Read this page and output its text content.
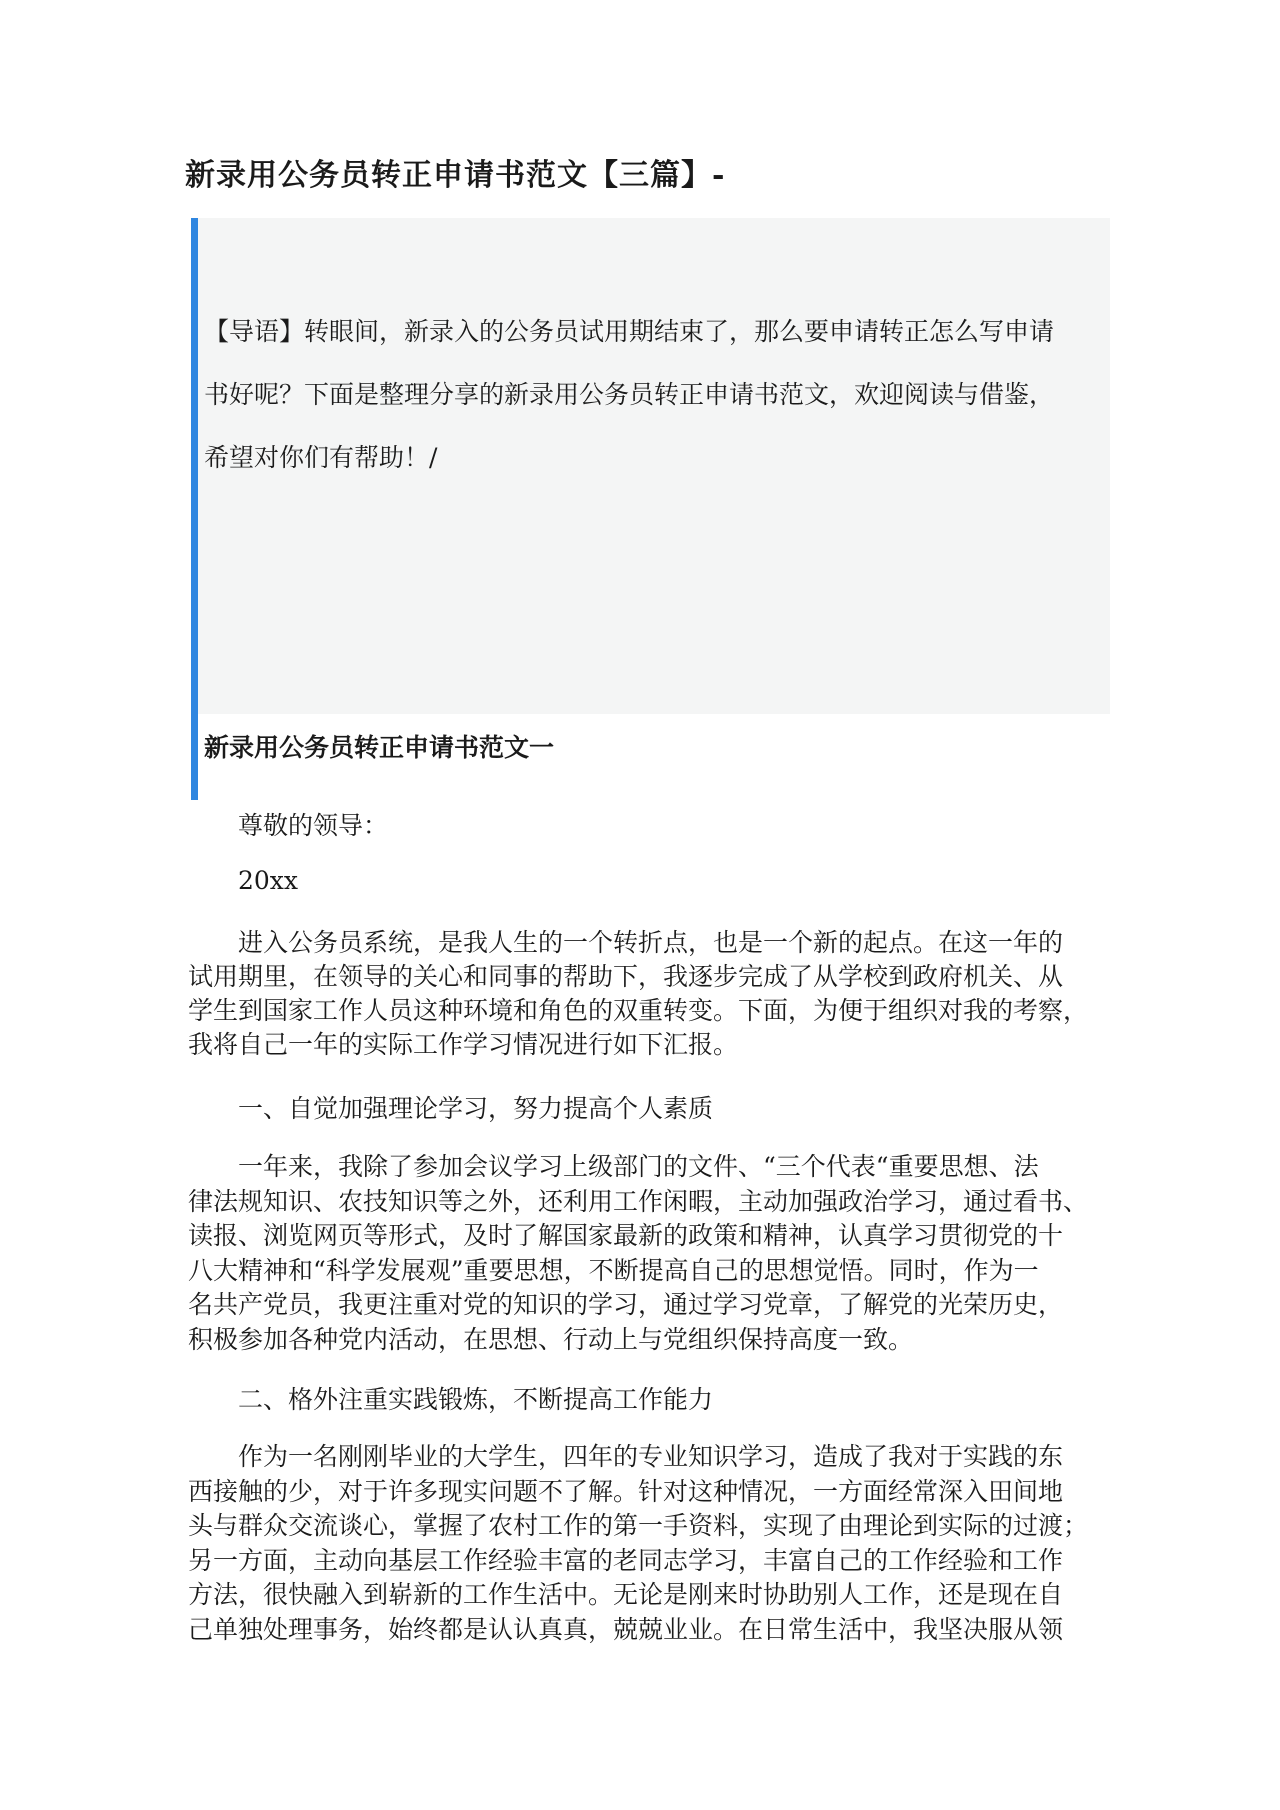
新录用公务员转正申请书范文【三篇】-

【导语】转眼间，新录入的公务员试用期结束了，那么要申请转正怎么写申请
书好呢？下面是整理分享的新录用公务员转正申请书范文，欢迎阅读与借鉴，
希望对你们有帮助！/

新录用公务员转正申请书范文一

尊敬的领导：

20xx

进入公务员系统，是我人生的一个转折点，也是一个新的起点。在这一年的
试用期里，在领导的关心和同事的帮助下，我逐步完成了从学校到政府机关、从
学生到国家工作人员这种环境和角色的双重转变。下面，为便于组织对我的考察，
我将自己一年的实际工作学习情况进行如下汇报。

一、自觉加强理论学习，努力提高个人素质

一年来，我除了参加会议学习上级部门的文件、“三个代表“重要思想、法
律法规知识、农技知识等之外，还利用工作闲暇，主动加强政治学习，通过看书、
读报、浏览网页等形式，及时了解国家最新的政策和精神，认真学习贯彻党的十
八大精神和“科学发展观”重要思想，不断提高自己的思想觉悟。同时，作为一
名共产党员，我更注重对党的知识的学习，通过学习党章，了解党的光荣历史，
积极参加各种党内活动，在思想、行动上与党组织保持高度一致。

二、格外注重实践锻炼，不断提高工作能力

作为一名刚刚毕业的大学生，四年的专业知识学习，造成了我对于实践的东
西接触的少，对于许多现实问题不了解。针对这种情况，一方面经常深入田间地
头与群众交流谈心，掌握了农村工作的第一手资料，实现了由理论到实际的过渡；
另一方面，主动向基层工作经验丰富的老同志学习，丰富自己的工作经验和工作
方法，很快融入到崭新的工作生活中。无论是刚来时协助别人工作，还是现在自
己单独处理事务，始终都是认认真真，兢兢业业。在日常生活中，我坚决服从领
